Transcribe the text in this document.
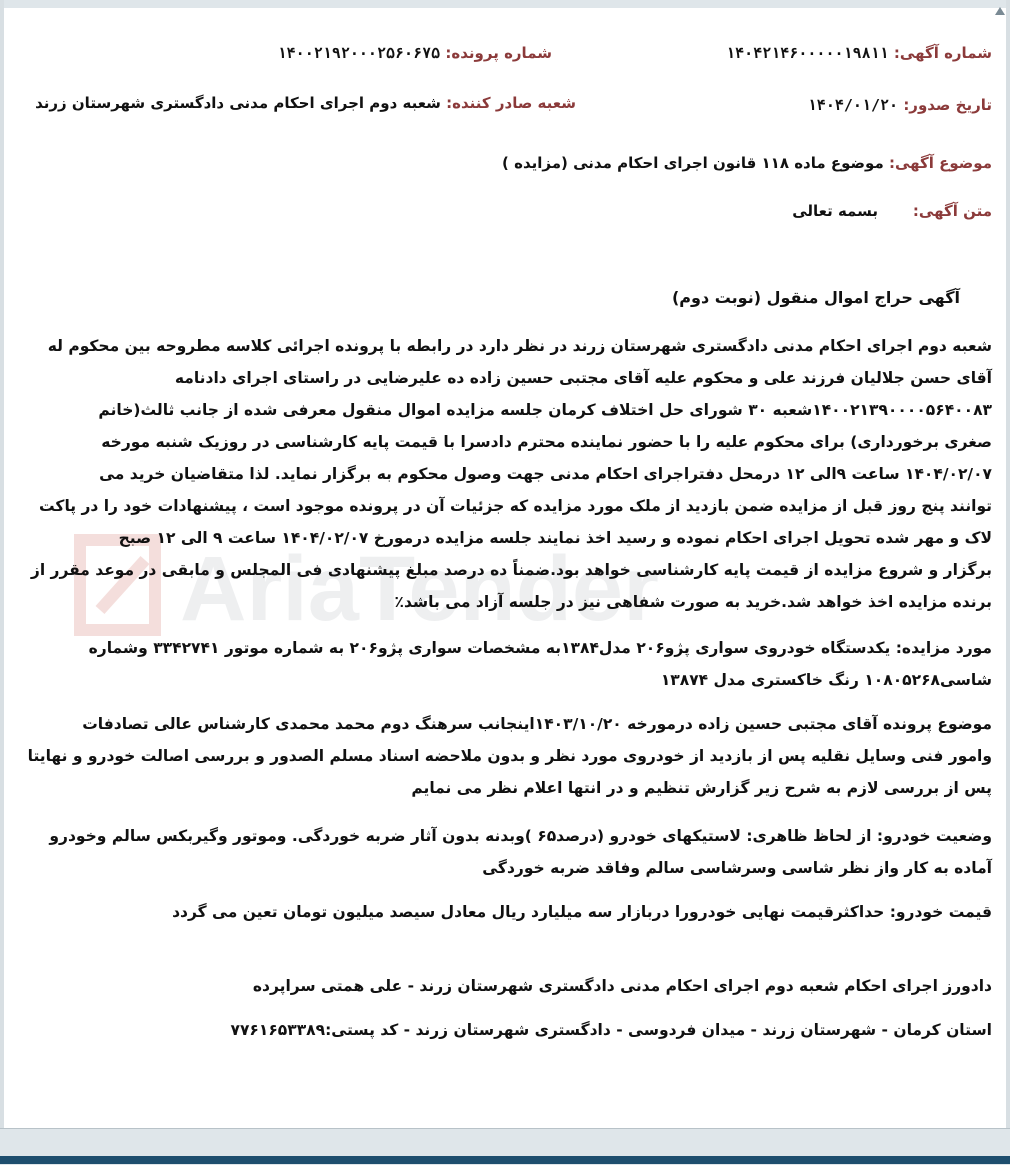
AriaTender
شماره آگهی: ۱۴۰۴۲۱۴۶۰۰۰۰۰۱۹۸۱۱
شماره پرونده: ۱۴۰۰۲۱۹۲۰۰۰۲۵۶۰۶۷۵
تاریخ صدور: ۱۴۰۴/۰۱/۲۰
شعبه صادر کننده: شعبه دوم اجرای احکام مدنی دادگستری شهرستان زرند
موضوع آگهی: موضوع ماده ۱۱۸ قانون اجرای احکام مدنی (مزایده )
متن آگهی:
بسمه تعالی
آگهی حراج اموال منقول (نوبت دوم)

شعبه دوم اجرای احکام مدنی دادگستری شهرستان زرند در نظر دارد در رابطه با پرونده اجرائی کلاسه مطروحه بین محکوم له

آقای حسن جلالیان فرزند علی و محکوم علیه آقای مجتبی حسین زاده ده علیرضایی در راستای اجرای دادنامه

۱۴۰۰۲۱۳۹۰۰۰۰۵۶۴۰۰۸۳شعبه ۳۰ شورای حل اختلاف کرمان جلسه مزایده اموال منقول معرفی شده از جانب ثالث(خانم

صغری برخورداری) برای محکوم علیه را با حضور نماینده محترم دادسرا با قیمت پایه کارشناسی در روزیک شنبه مورخه

۱۴۰۴/۰۲/۰۷ ساعت ۹الی ۱۲ درمحل دفتراجرای احکام مدنی جهت وصول محکوم به برگزار نماید. لذا متقاضیان خرید می

توانند پنج روز قبل از مزایده ضمن بازدید از ملک مورد مزایده که جزئیات آن در پرونده موجود است ، پیشنهادات خود را در پاکت

لاک و مهر شده تحویل اجرای احکام نموده و رسید اخذ نمایند جلسه مزایده درمورخ ۱۴۰۴/۰۲/۰۷ ساعت ۹ الی ۱۲ صبح

برگزار و شروع مزایده از قیمت پایه کارشناسی خواهد بود.ضمناً ده درصد مبلغ پیشنهادی فی المجلس و مابقی در موعد مقرر از

برنده مزایده اخذ خواهد شد.خرید به صورت شفاهی نیز در جلسه آزاد می باشد٪

مورد مزایده: یکدستگاه خودروی سواری پژو۲۰۶ مدل۱۳۸۴به مشخصات سواری پژو۲۰۶ به شماره موتور ۳۳۴۲۷۴۱ وشماره

شاسی۱۰۸۰۵۲۶۸ رنگ خاکستری مدل ۱۳۸۷۴

موضوع پرونده آقای مجتبی حسین زاده درمورخه ۱۴۰۳/۱۰/۲۰اینجانب سرهنگ دوم محمد محمدی کارشناس عالی تصادفات

وامور فنی وسایل نقلیه پس از بازدید از خودروی مورد نظر و بدون ملاحضه اسناد مسلم الصدور و بررسی اصالت خودرو و نهایتا

پس از بررسی لازم به شرح زیر گزارش تنظیم و در انتها اعلام نظر می نمایم

وضعیت خودرو: از لحاظ ظاهری: لاستیکهای خودرو (درصد۶۵ )وبدنه بدون آثار ضربه خوردگی. وموتور وگیربکس سالم وخودرو

آماده به کار واز نظر شاسی وسرشاسی سالم وفاقد ضربه خوردگی

قیمت خودرو: حداکثرقیمت نهایی خودرورا دربازار سه میلیارد ریال معادل سیصد میلیون تومان تعین می گردد

دادورز اجرای احکام شعبه دوم اجرای احکام مدنی دادگستری شهرستان زرند - علی همتی سراپرده

استان کرمان - شهرستان زرند - میدان فردوسی - دادگستری شهرستان زرند - کد پستی:۷۷۶۱۶۵۳۳۸۹
